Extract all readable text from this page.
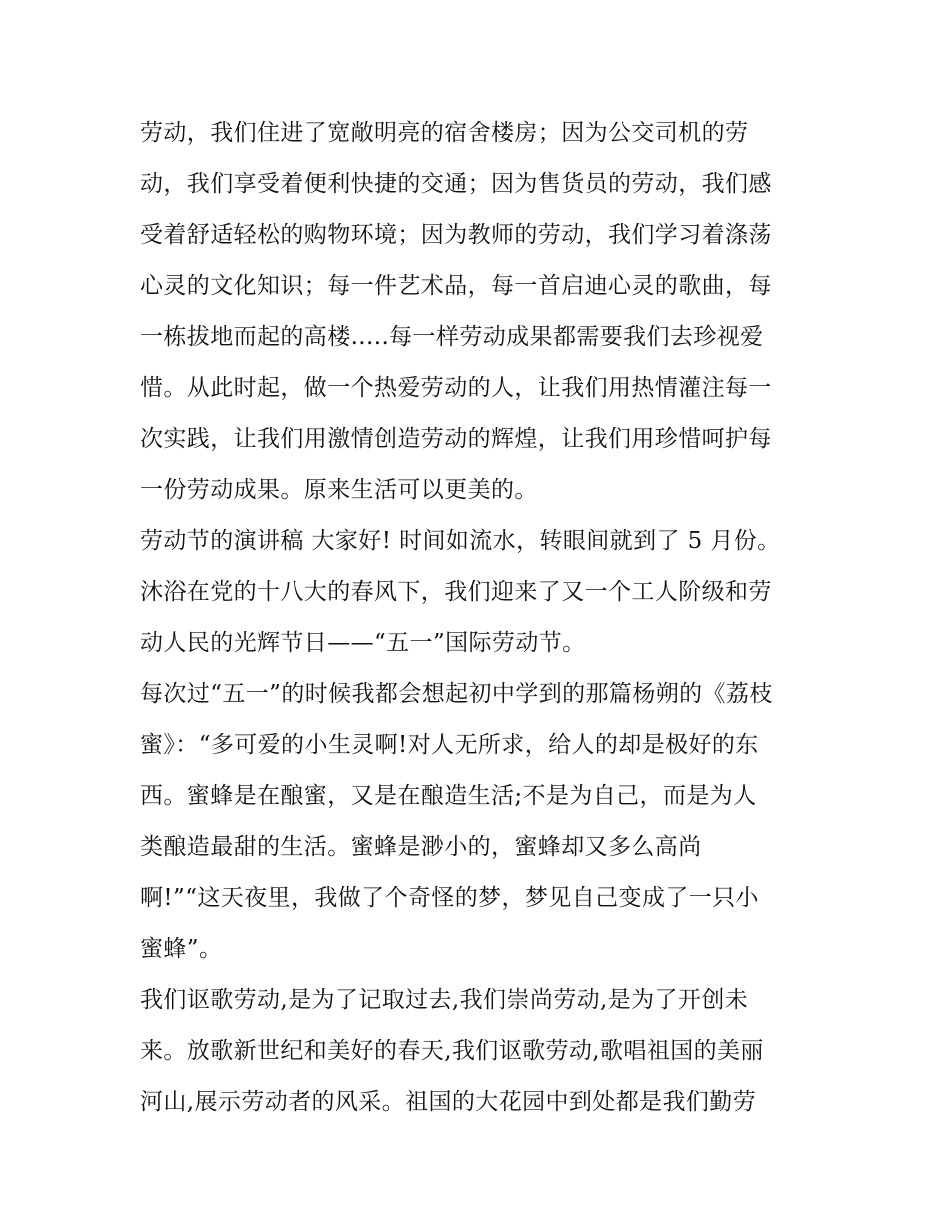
劳动，我们住进了宽敞明亮的宿舍楼房；因为公交司机的劳
动，我们享受着便利快捷的交通；因为售货员的劳动，我们感
受着舒适轻松的购物环境；因为教师的劳动，我们学习着涤荡
心灵的文化知识；每一件艺术品，每一首启迪心灵的歌曲，每
一栋拔地而起的高楼.....每一样劳动成果都需要我们去珍视爱
惜。从此时起，做一个热爱劳动的人，让我们用热情灌注每一
次实践，让我们用激情创造劳动的辉煌，让我们用珍惜呵护每
一份劳动成果。原来生活可以更美的。
劳动节的演讲稿 大家好! 时间如流水，转眼间就到了 5 月份。
沐浴在党的十八大的春风下，我们迎来了又一个工人阶级和劳
动人民的光辉节日——“五一”国际劳动节。
每次过“五一”的时候我都会想起初中学到的那篇杨朔的《荔枝
蜜》：“多可爱的小生灵啊!对人无所求，给人的却是极好的东
西。蜜蜂是在酿蜜，又是在酿造生活;不是为自己，而是为人
类酿造最甜的生活。蜜蜂是渺小的，蜜蜂却又多么高尚
啊!”“这天夜里，我做了个奇怪的梦，梦见自己变成了一只小
蜜蜂”。
我们讴歌劳动,是为了记取过去,我们崇尚劳动,是为了开创未
来。放歌新世纪和美好的春天,我们讴歌劳动,歌唱祖国的美丽
河山,展示劳动者的风采。祖国的大花园中到处都是我们勤劳
